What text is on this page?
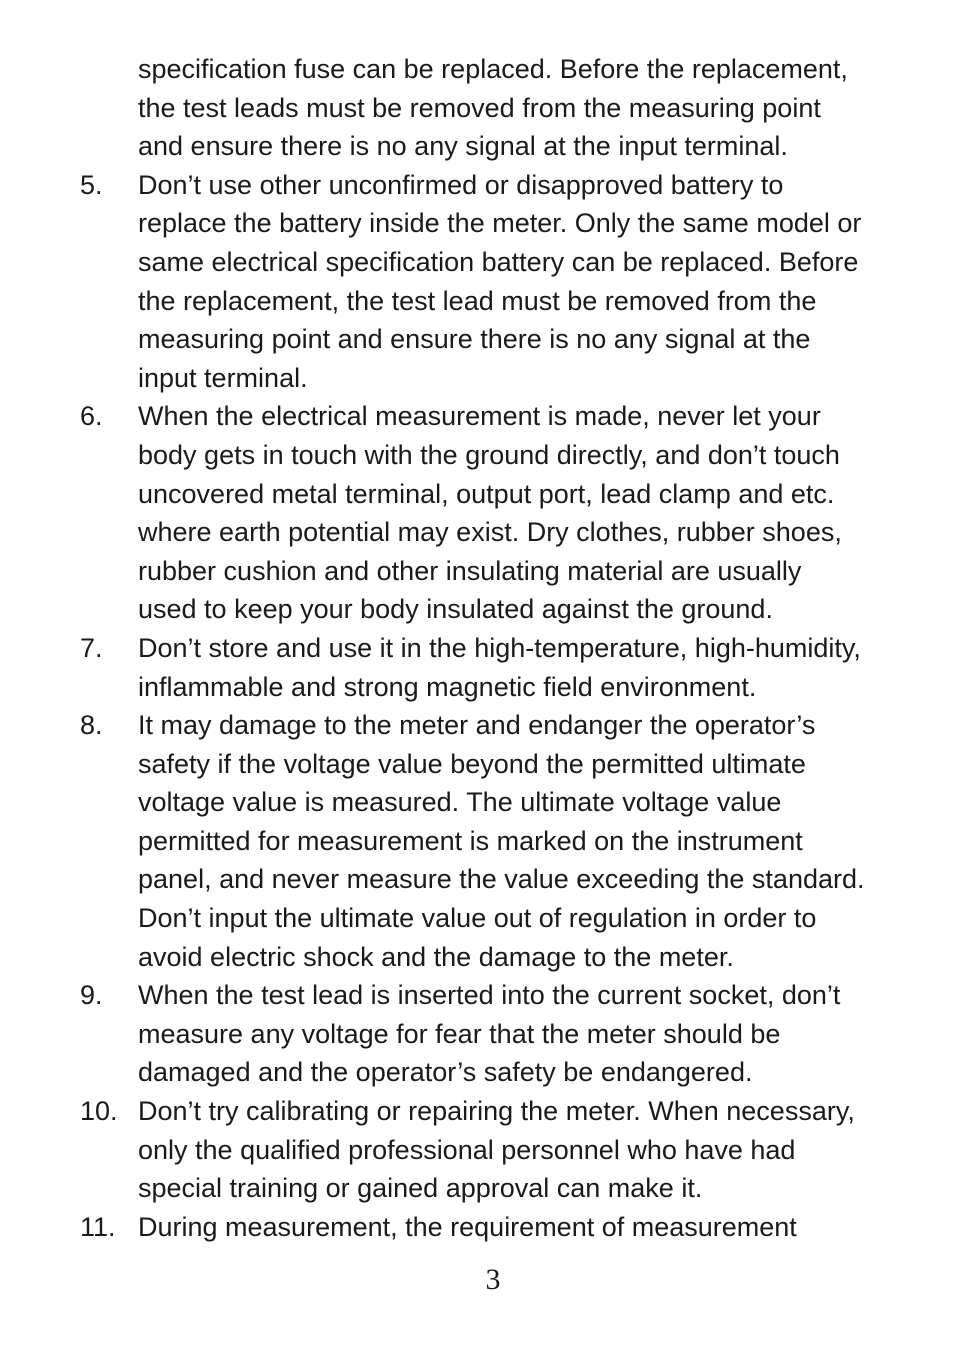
specification fuse can be replaced. Before the replacement,
the test leads must be removed from the measuring point
and ensure there is no any signal at the input terminal.
5.	Don’t use other unconfirmed or disapproved battery to
replace the battery inside the meter. Only the same model or
same electrical specification battery can be replaced. Before
the replacement, the test lead must be removed from the
measuring point and ensure there is no any signal at the
input terminal.
6.	When the electrical measurement is made, never let your
body gets in touch with the ground directly, and don’t touch
uncovered metal terminal, output port, lead clamp and etc.
where earth potential may exist. Dry clothes, rubber shoes,
rubber cushion and other insulating material are usually
used to keep your body insulated against the ground.
7.	Don’t store and use it in the high-temperature, high-humidity,
inflammable and strong magnetic field environment.
8.	It may damage to the meter and endanger the operator’s
safety if the voltage value beyond the permitted ultimate
voltage value is measured. The ultimate voltage value
permitted for measurement is marked on the instrument
panel, and never measure the value exceeding the standard.
Don’t input the ultimate value out of regulation in order to
avoid electric shock and the damage to the meter.
9.	When the test lead is inserted into the current socket, don’t
measure any voltage for fear that the meter should be
damaged and the operator’s safety be endangered.
10. Don’t try calibrating or repairing the meter. When necessary,
only the qualified professional personnel who have had
special training or gained approval can make it.
11. During measurement, the requirement of measurement
3
